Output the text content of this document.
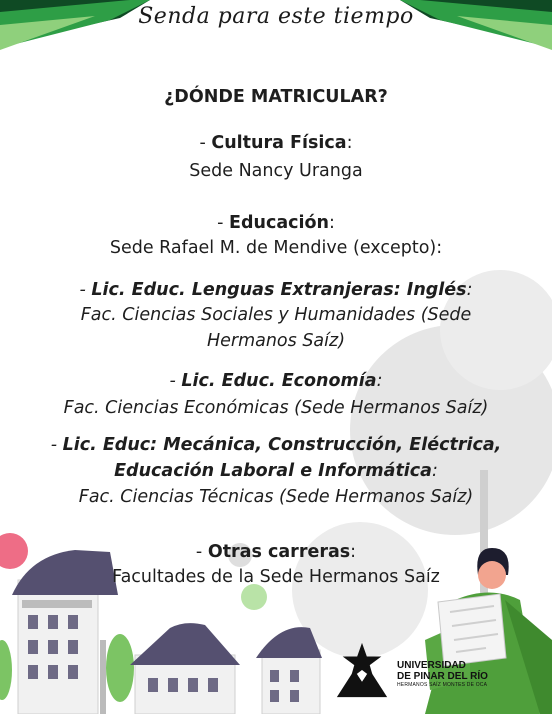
Senda para este tiempo
¿DÓNDE MATRICULAR?
- Cultura Física:
Sede Nancy Uranga
- Educación:
Sede Rafael M. de Mendive (excepto):
- Lic. Educ. Lenguas Extranjeras: Inglés:
Fac. Ciencias Sociales y Humanidades (Sede
Hermanos Saíz)
- Lic. Educ. Economía:
Fac. Ciencias Económicas (Sede Hermanos Saíz)
- Lic. Educ: Mecánica, Construcción, Eléctrica,
Educación Laboral e Informática:
Fac. Ciencias Técnicas (Sede Hermanos Saíz)
- Otras carreras:
Facultades de la Sede Hermanos Saíz
UNIVERSIDAD
DE PINAR DEL RÍO
HERMANOS SAÍZ MONTES DE OCA
